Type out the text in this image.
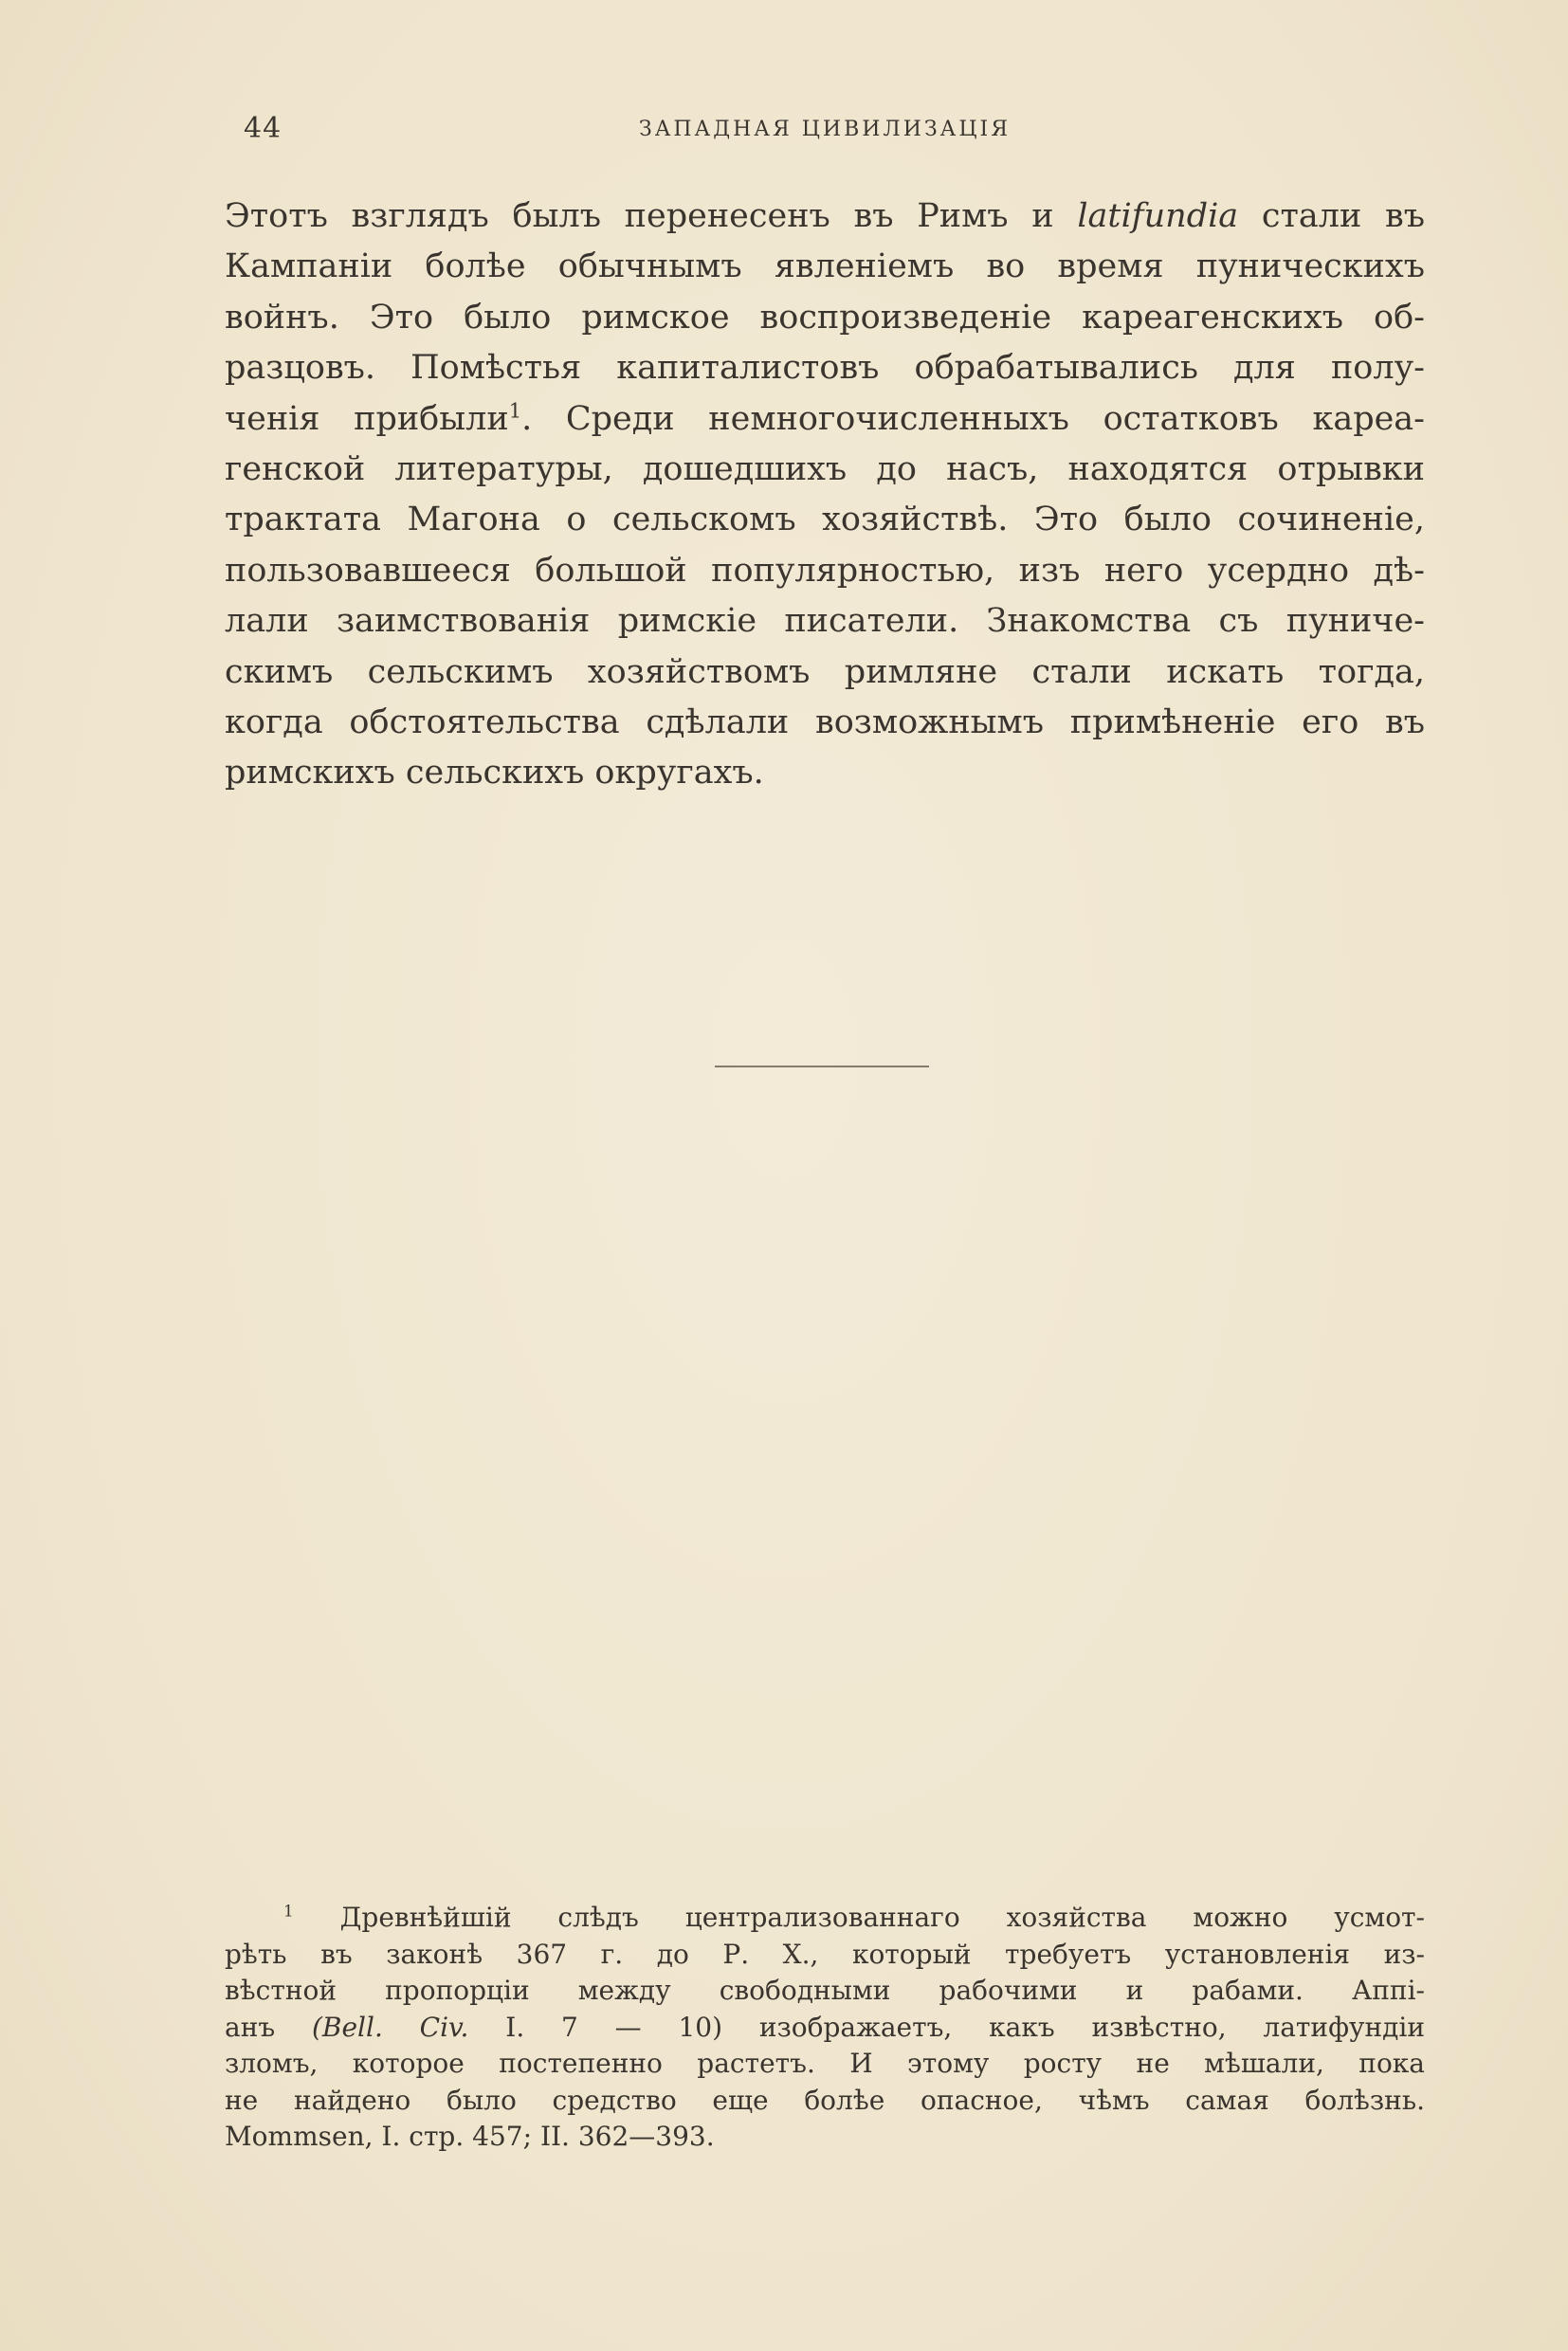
44	ЗАПАДНАЯ ЦИВИЛИЗАЦІЯ
Этотъ взглядъ былъ перенесенъ въ Римъ и latifundia стали въ
Кампаніи болѣе обычнымъ явленіемъ во время пуническихъ
войнъ. Это было римское воспроизведеніе кареагенскихъ об-
разцовъ. Помѣстья капиталистовъ обрабатывались для полу-
ченія прибыли$^1$. Среди немногочисленныхъ остатковъ кареа-
генской литературы, дошедшихъ до насъ, находятся отрывки
трактата Магона о сельскомъ хозяйствѣ. Это было сочиненіе,
пользовавшееся большой популярностью, изъ него усердно дѣ-
лали заимствованія римскіе писатели. Знакомства съ пуниче-
скимъ сельскимъ хозяйствомъ римляне стали искать тогда,
когда обстоятельства сдѣлали возможнымъ примѣненіе его въ
римскихъ сельскихъ округахъ.
$^1$ Древнѣйшій слѣдъ централизованнаго хозяйства можно усмот-
рѣть въ законѣ 367 г. до Р. Х., который требуетъ установленія из-
вѣстной пропорціи между свободными рабочими и рабами. Аппі-
анъ (Bell. Civ. I. 7 — 10) изображаетъ, какъ извѣстно, латифундіи
зломъ, которое постепенно растетъ. И этому росту не мѣшали, пока
не найдено было средство еще болѣе опасное, чѣмъ самая болѣзнь.
Mommsen, I. стр. 457; II. 362—393.
